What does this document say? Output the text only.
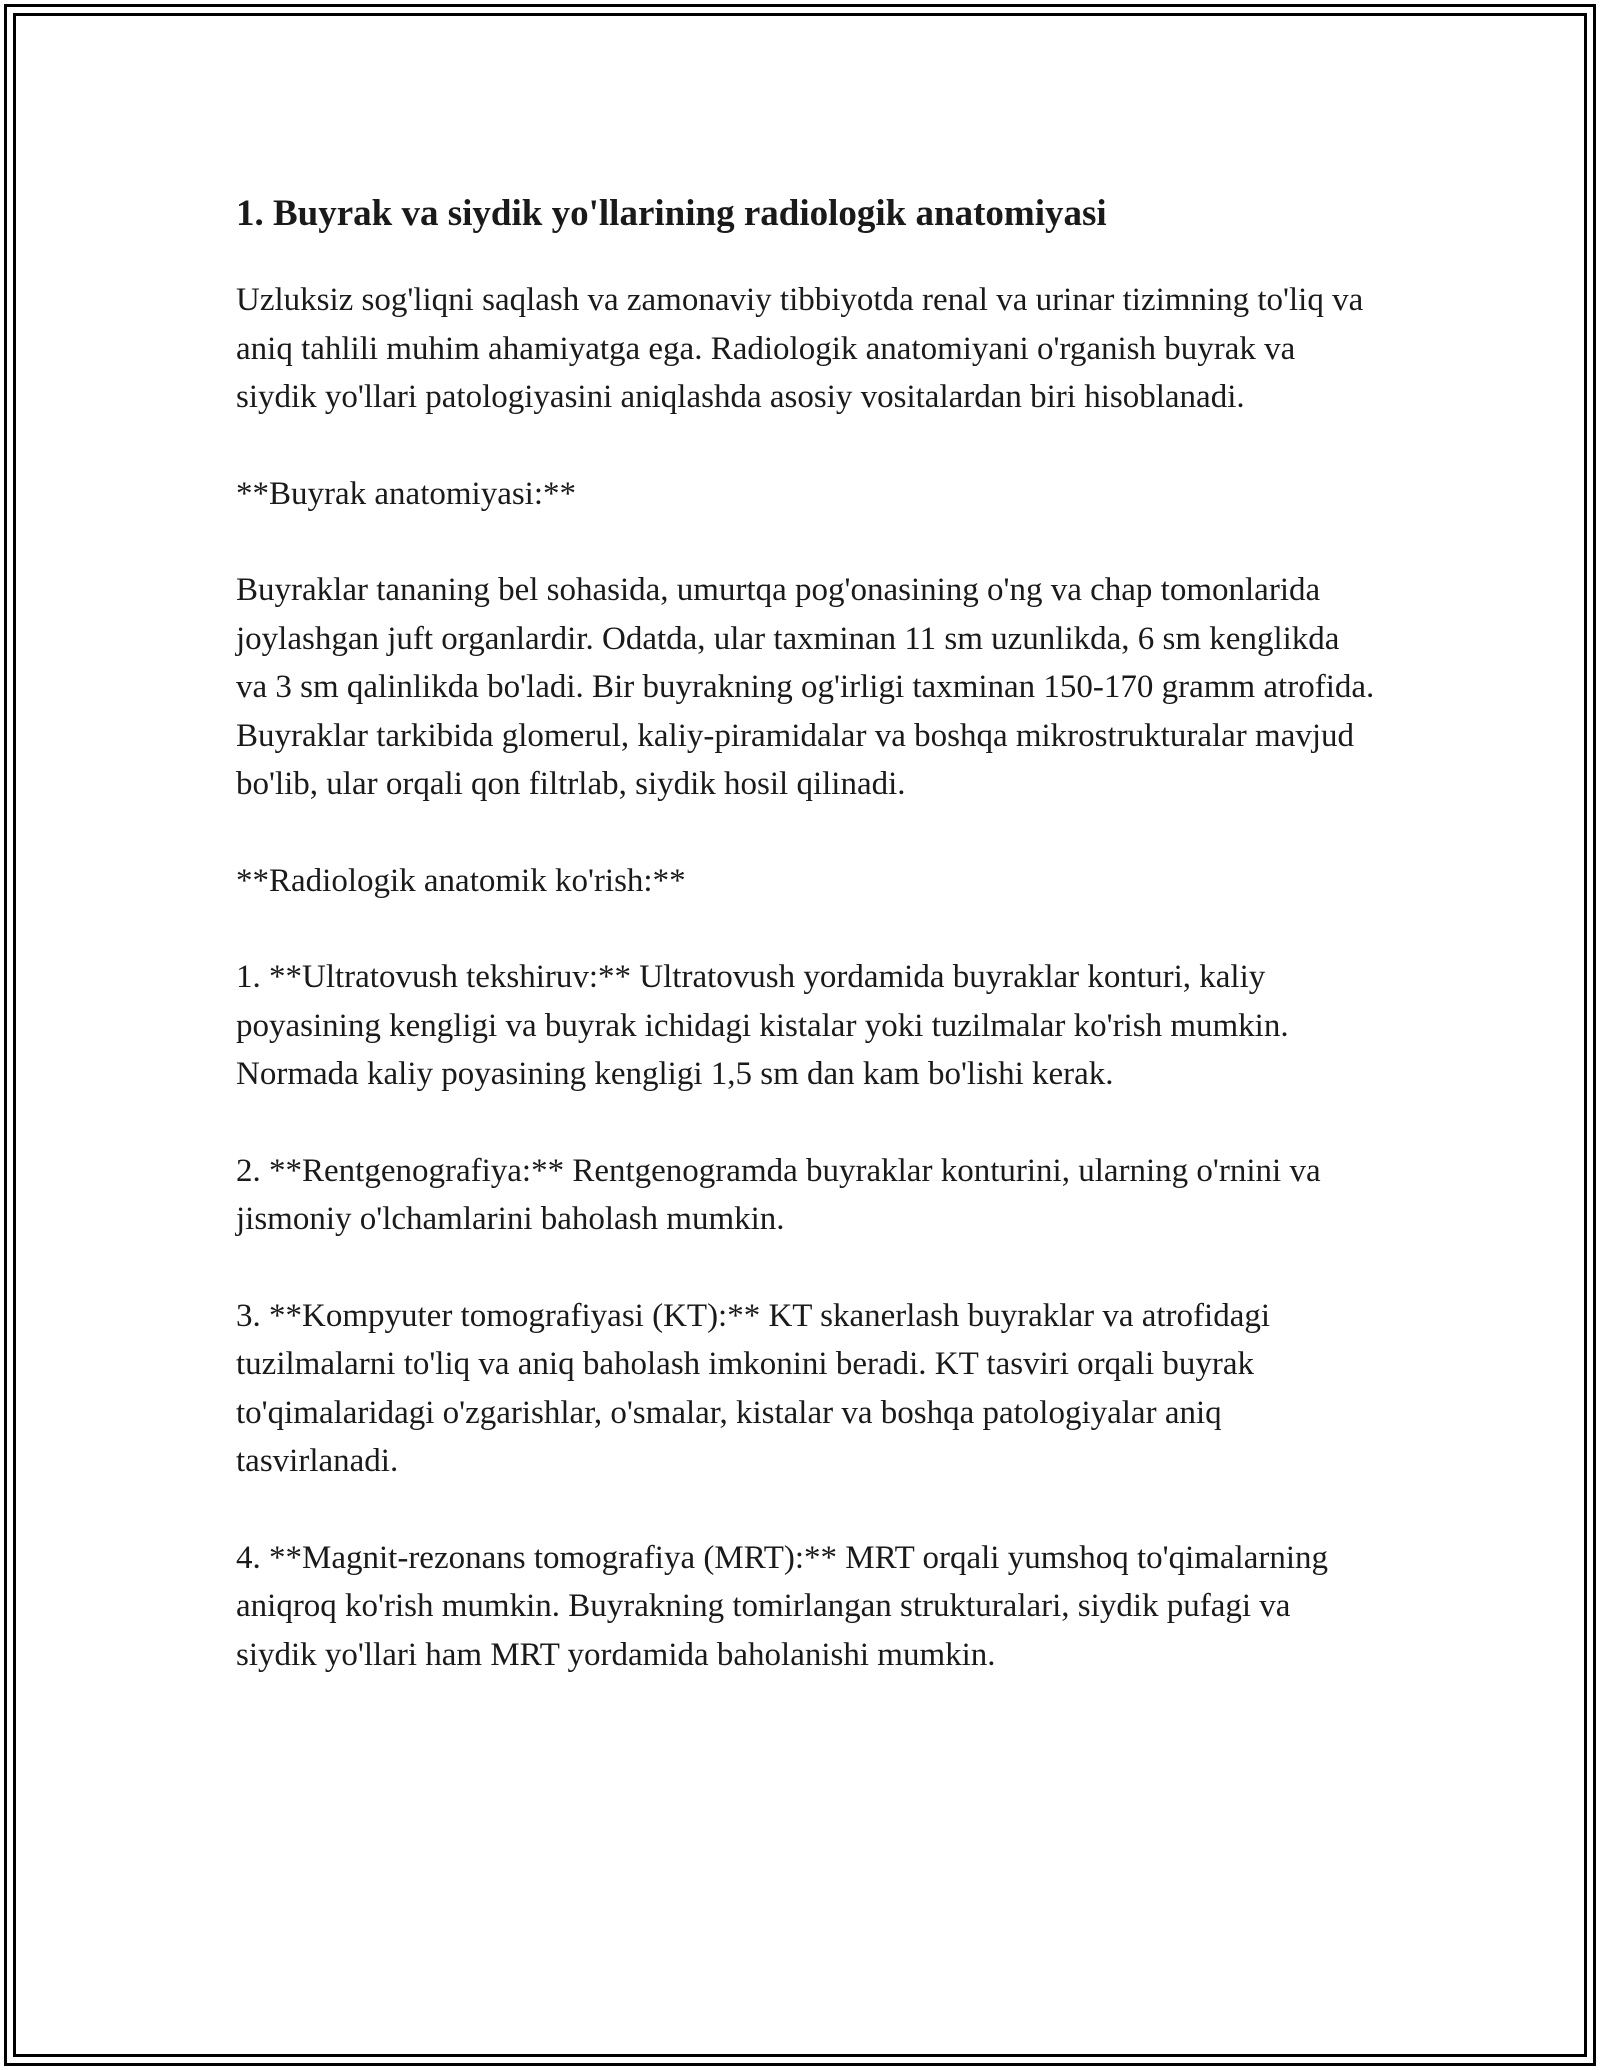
1. Buyrak va siydik yo'llarining radiologik anatomiyasi

Uzluksiz sog'liqni saqlash va zamonaviy tibbiyotda renal va urinar tizimning to'liq va aniq tahlili muhim ahamiyatga ega. Radiologik anatomiyani o'rganish buyrak va siydik yo'llari patologiyasini aniqlashda asosiy vositalardan biri hisoblanadi.

**Buyrak anatomiyasi:**

Buyraklar tananing bel sohasida, umurtqa pog'onasining o'ng va chap tomonlarida joylashgan juft organlardir. Odatda, ular taxminan 11 sm uzunlikda, 6 sm kenglikda va 3 sm qalinlikda bo'ladi. Bir buyrakning og'irligi taxminan 150-170 gramm atrofida. Buyraklar tarkibida glomerul, kaliy-piramidalar va boshqa mikrostrukturalar mavjud bo'lib, ular orqali qon filtrlab, siydik hosil qilinadi.

**Radiologik anatomik ko'rish:**

1. **Ultratovush tekshiruv:** Ultratovush yordamida buyraklar konturi, kaliy poyasining kengligi va buyrak ichidagi kistalar yoki tuzilmalar ko'rish mumkin. Normada kaliy poyasining kengligi 1,5 sm dan kam bo'lishi kerak.

2. **Rentgenografiya:** Rentgenogramda buyraklar konturini, ularning o'rnini va jismoniy o'lchamlarini baholash mumkin.

3. **Kompyuter tomografiyasi (KT):** KT skanerlash buyraklar va atrofidagi tuzilmalarni to'liq va aniq baholash imkonini beradi. KT tasviri orqali buyrak to'qimalaridagi o'zgarishlar, o'smalar, kistalar va boshqa patologiyalar aniq tasvirlanadi.

4. **Magnit-rezonans tomografiya (MRT):** MRT orqali yumshoq to'qimalarning aniqroq ko'rish mumkin. Buyrakning tomirlangan strukturalari, siydik pufagi va siydik yo'llari ham MRT yordamida baholanishi mumkin.
